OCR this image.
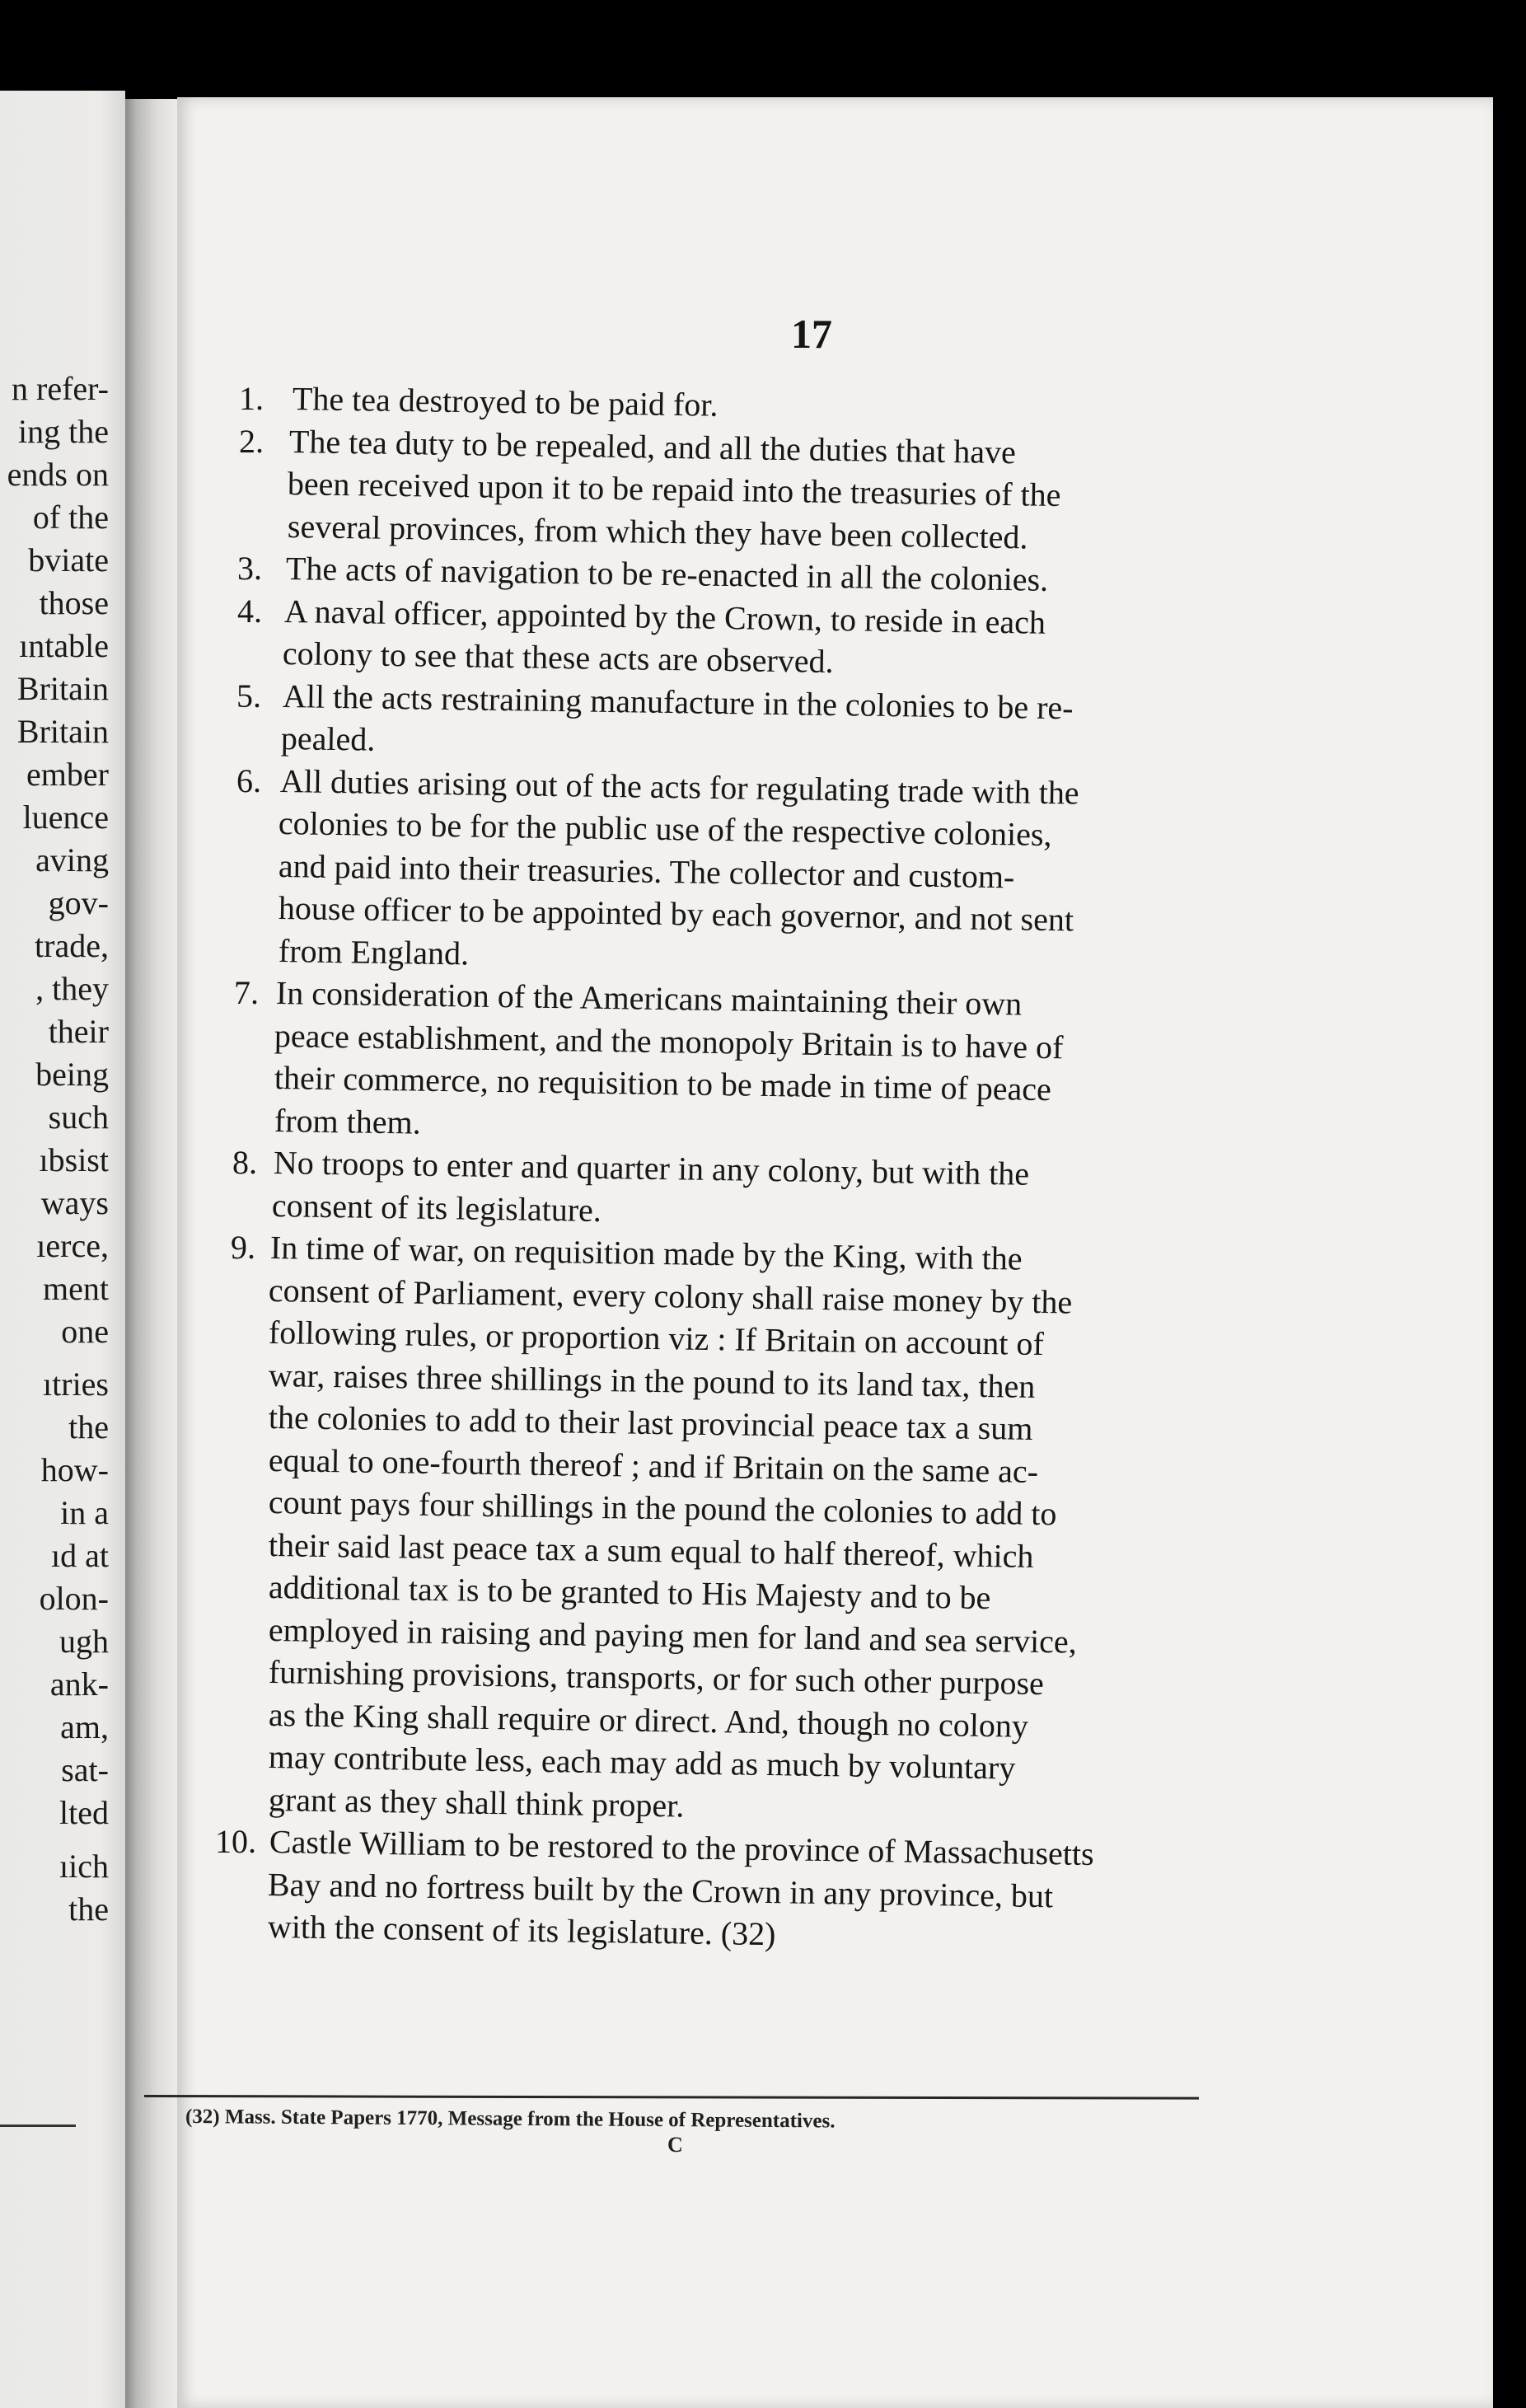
n refer-
ing the
ends on
of the
bviate
those
ıntable
Britain
Britain
ember
luence
aving
gov-
trade,
, they
their
being
such
ıbsist
ways
ıerce,
ment
one
ıtries
the
how-
in a
ıd at
olon-
ugh
ank-
am,
sat-
lted
ıich
the
17
1. The tea destroyed to be paid for.
2. The tea duty to be repealed, and all the duties that have
been received upon it to be repaid into the treasuries of the
several provinces, from which they have been collected.
3. The acts of navigation to be re-enacted in all the colonies.
4. A naval officer, appointed by the Crown, to reside in each
colony to see that these acts are observed.
5. All the acts restraining manufacture in the colonies to be re-
pealed.
6. All duties arising out of the acts for regulating trade with the
colonies to be for the public use of the respective colonies,
and paid into their treasuries. The collector and custom-
house officer to be appointed by each governor, and not sent
from England.
7. In consideration of the Americans maintaining their own
peace establishment, and the monopoly Britain is to have of
their commerce, no requisition to be made in time of peace
from them.
8. No troops to enter and quarter in any colony, but with the
consent of its legislature.
9. In time of war, on requisition made by the King, with the
consent of Parliament, every colony shall raise money by the
following rules, or proportion viz : If Britain on account of
war, raises three shillings in the pound to its land tax, then
the colonies to add to their last provincial peace tax a sum
equal to one-fourth thereof ; and if Britain on the same ac-
count pays four shillings in the pound the colonies to add to
their said last peace tax a sum equal to half thereof, which
additional tax is to be granted to His Majesty and to be
employed in raising and paying men for land and sea service,
furnishing provisions, transports, or for such other purpose
as the King shall require or direct. And, though no colony
may contribute less, each may add as much by voluntary
grant as they shall think proper.
10. Castle William to be restored to the province of Massachusetts
Bay and no fortress built by the Crown in any province, but
with the consent of its legislature. (32)
(32) Mass. State Papers 1770, Message from the House of Representatives.
C
